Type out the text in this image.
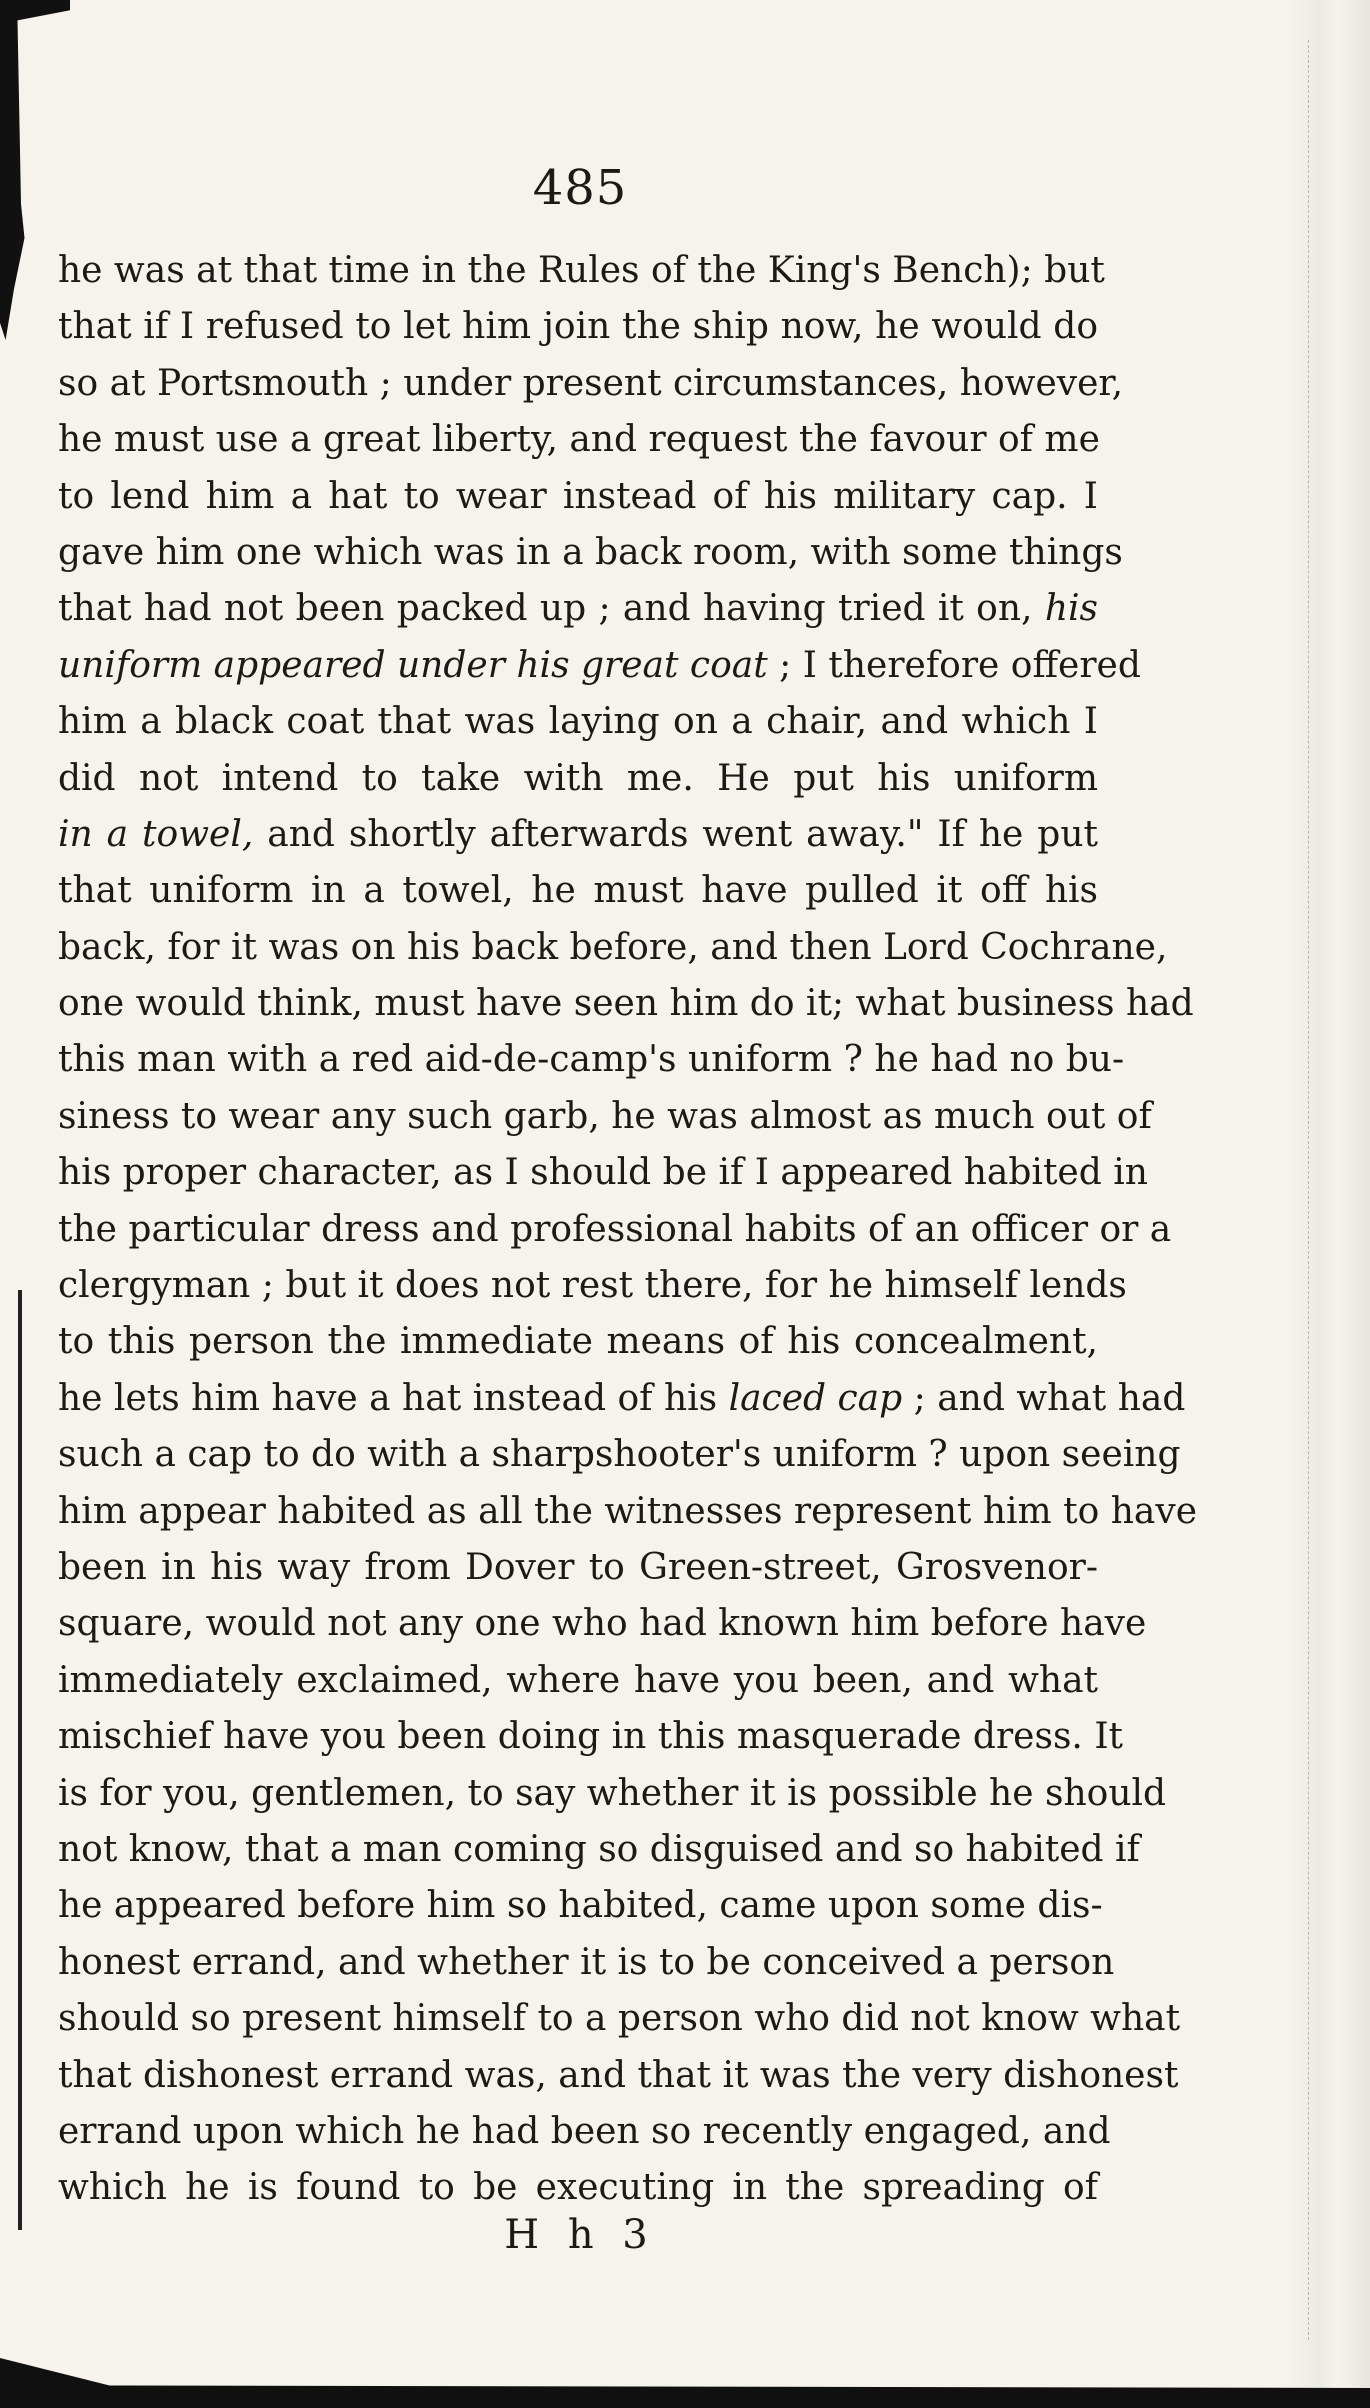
485
he was at that time in the Rules of the King's Bench); but
that if I refused to let him join the ship now, he would do
so at Portsmouth ; under present circumstances, however,
he must use a great liberty, and request the favour of me
to lend him a hat to wear instead of his military cap. I
gave him one which was in a back room, with some things
that had not been packed up ; and having tried it on, his
uniform appeared under his great coat ; I therefore offered
him a black coat that was laying on a chair, and which I
did not intend to take with me. He put his uniform
in a towel, and shortly afterwards went away." If he put
that uniform in a towel, he must have pulled it off his
back, for it was on his back before, and then Lord Cochrane,
one would think, must have seen him do it; what business had
this man with a red aid-de-camp's uniform ? he had no bu-
siness to wear any such garb, he was almost as much out of
his proper character, as I should be if I appeared habited in
the particular dress and professional habits of an officer or a
clergyman ; but it does not rest there, for he himself lends
to this person the immediate means of his concealment,
he lets him have a hat instead of his laced cap ; and what had
such a cap to do with a sharpshooter's uniform ? upon seeing
him appear habited as all the witnesses represent him to have
been in his way from Dover to Green-street, Grosvenor-
square, would not any one who had known him before have
immediately exclaimed, where have you been, and what
mischief have you been doing in this masquerade dress. It
is for you, gentlemen, to say whether it is possible he should
not know, that a man coming so disguised and so habited if
he appeared before him so habited, came upon some dis-
honest errand, and whether it is to be conceived a person
should so present himself to a person who did not know what
that dishonest errand was, and that it was the very dishonest
errand upon which he had been so recently engaged, and
which he is found to be executing in the spreading of
H h 3
